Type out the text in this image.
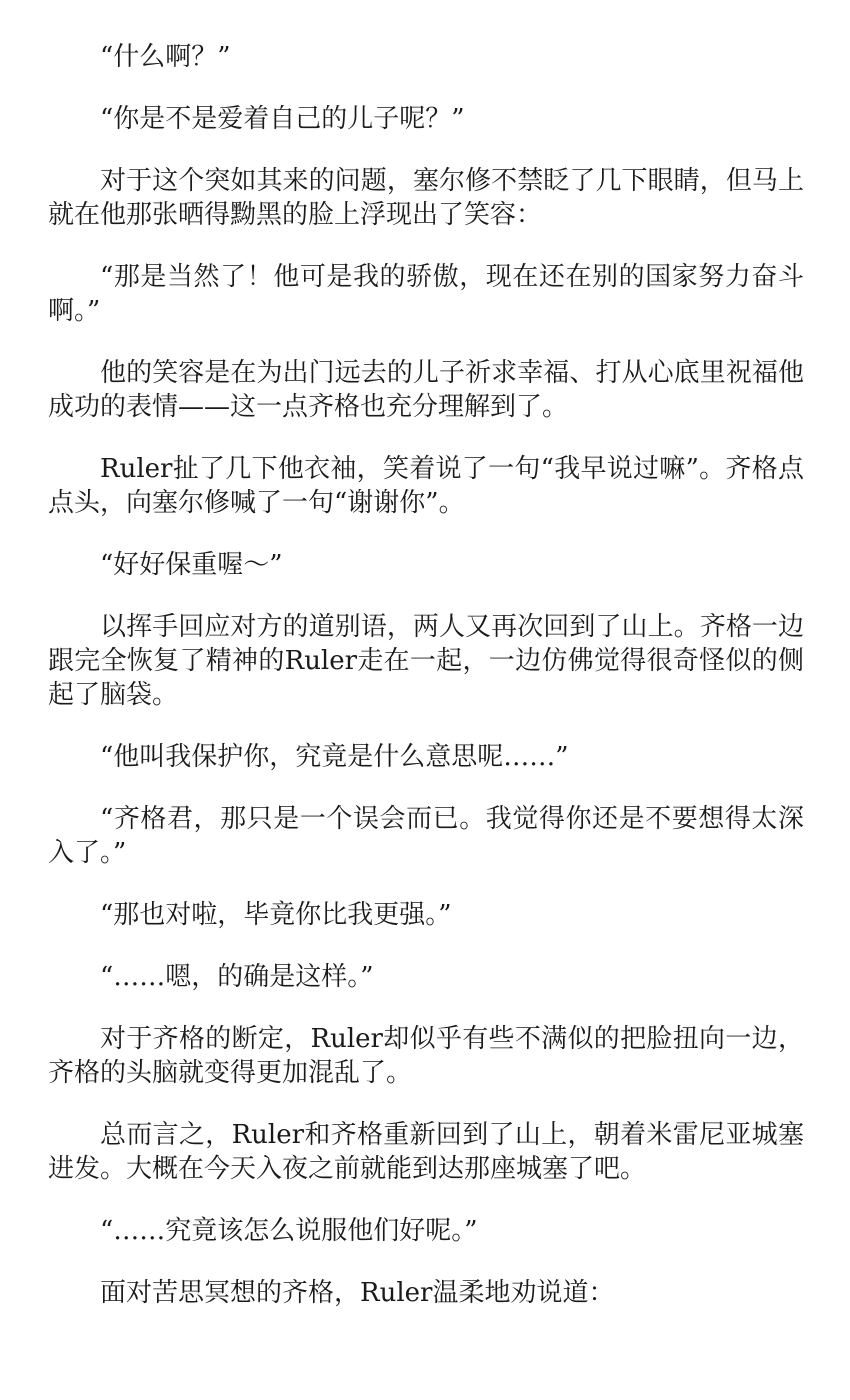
“什么啊？”

“你是不是爱着自己的儿子呢？”

对于这个突如其来的问题，塞尔修不禁眨了几下眼睛，但马上就在他那张晒得黝黑的脸上浮现出了笑容：

“那是当然了！他可是我的骄傲，现在还在别的国家努力奋斗啊。”

他的笑容是在为出门远去的儿子祈求幸福、打从心底里祝福他成功的表情——这一点齐格也充分理解到了。

Ruler扯了几下他衣袖，笑着说了一句“我早说过嘛”。齐格点点头，向塞尔修喊了一句“谢谢你”。

“好好保重喔～”

以挥手回应对方的道别语，两人又再次回到了山上。齐格一边跟完全恢复了精神的Ruler走在一起，一边仿佛觉得很奇怪似的侧起了脑袋。

“他叫我保护你，究竟是什么意思呢……”

“齐格君，那只是一个误会而已。我觉得你还是不要想得太深入了。”

“那也对啦，毕竟你比我更强。”

“……嗯，的确是这样。”

对于齐格的断定，Ruler却似乎有些不满似的把脸扭向一边，齐格的头脑就变得更加混乱了。

总而言之，Ruler和齐格重新回到了山上，朝着米雷尼亚城塞进发。大概在今天入夜之前就能到达那座城塞了吧。

“……究竟该怎么说服他们好呢。”

面对苦思冥想的齐格，Ruler温柔地劝说道：
